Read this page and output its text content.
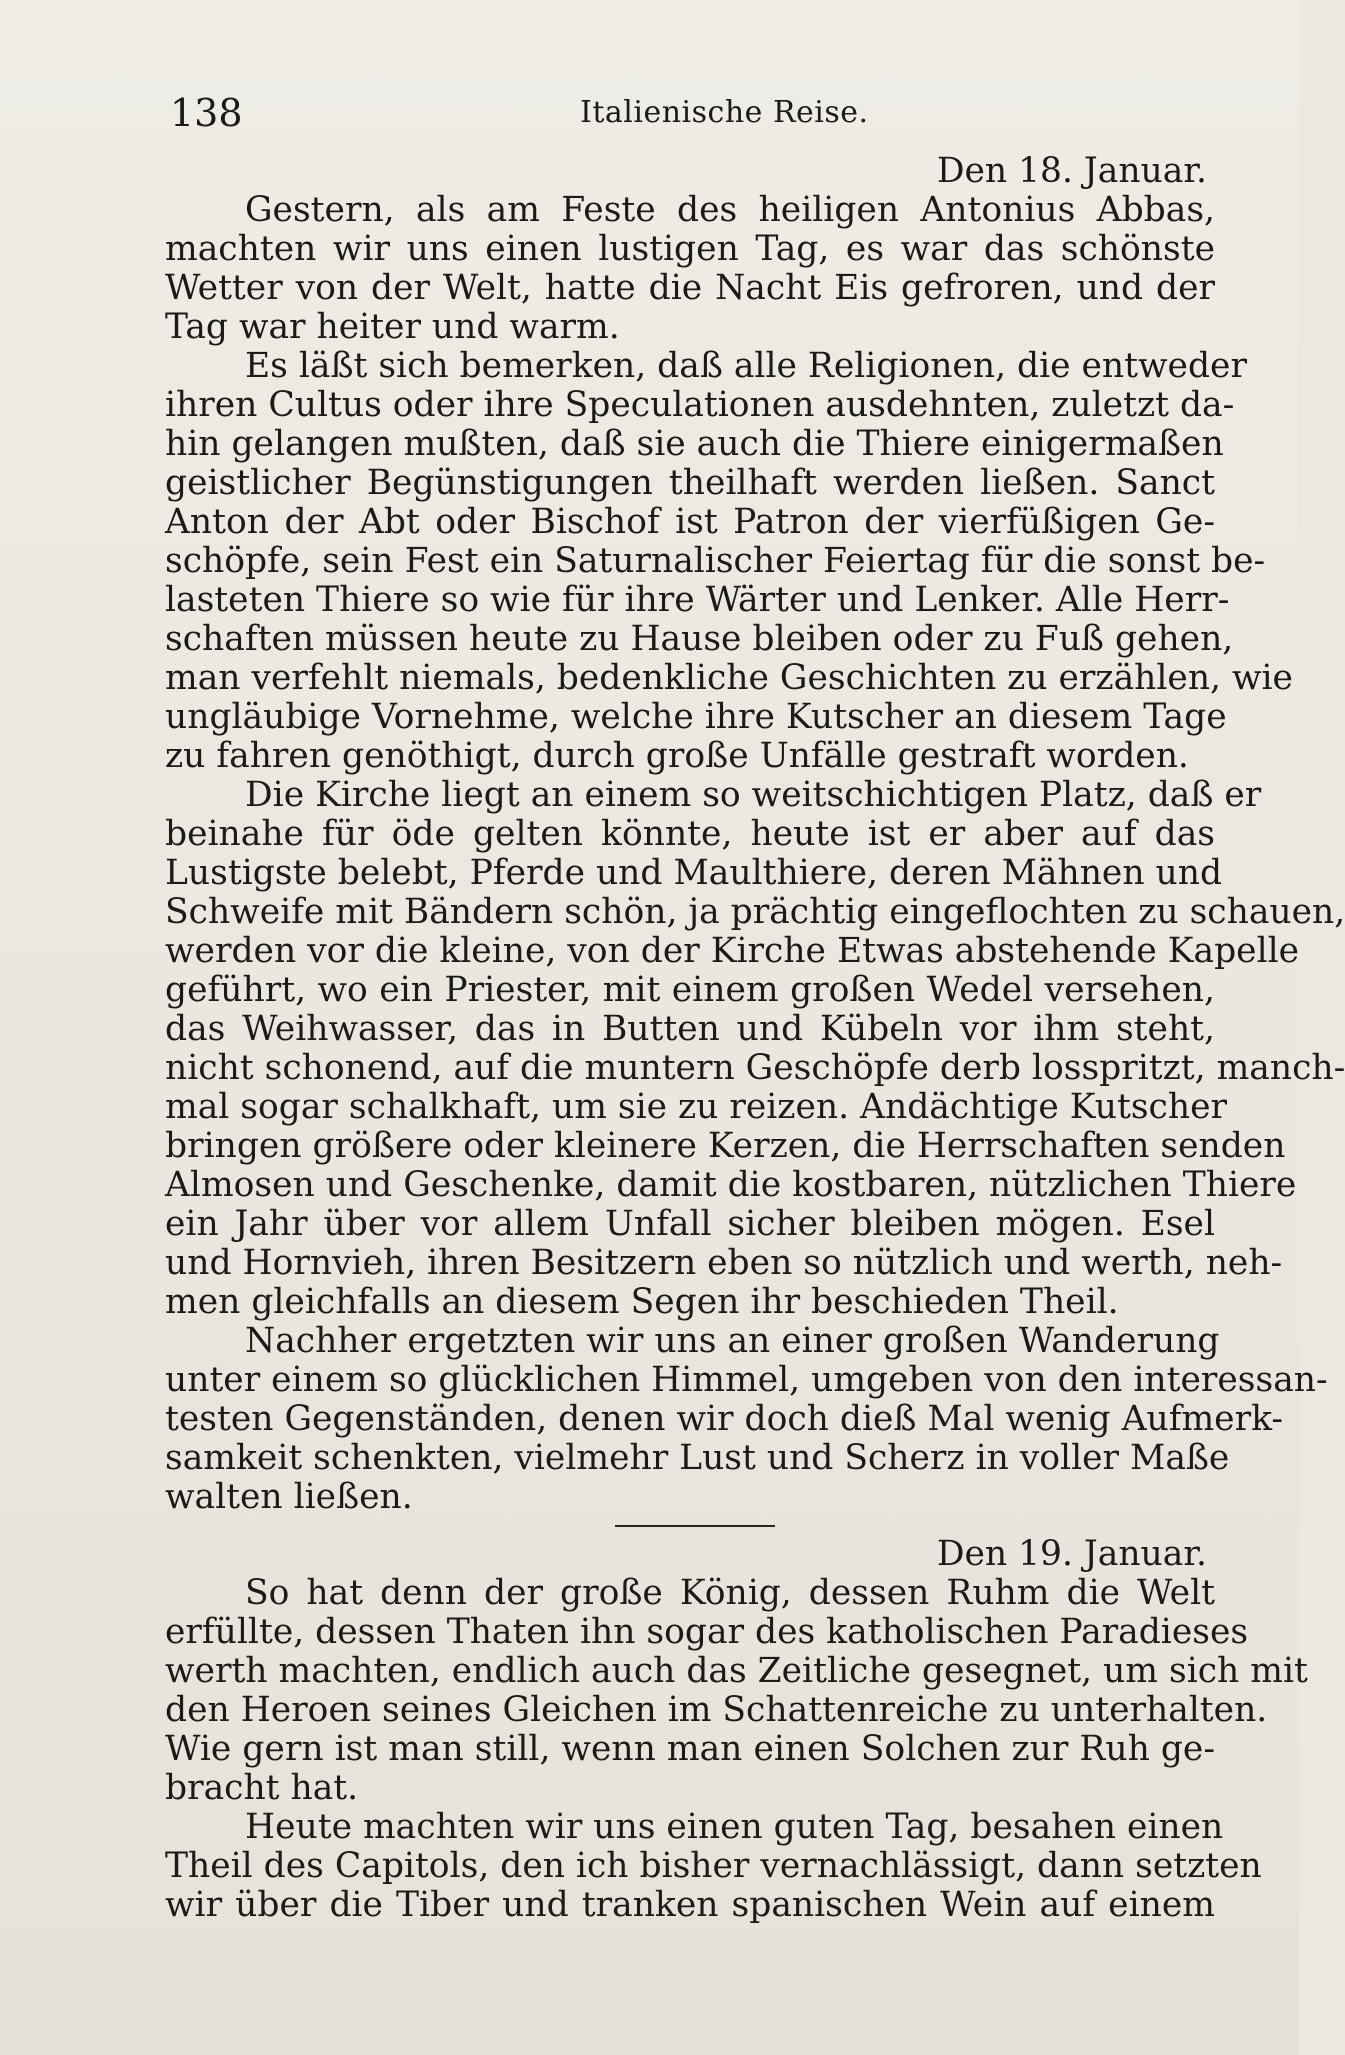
138	Italienische Reise.
Den 18. Januar.
Gestern, als am Feste des heiligen Antonius Abbas,
machten wir uns einen lustigen Tag, es war das schönste
Wetter von der Welt, hatte die Nacht Eis gefroren, und der
Tag war heiter und warm.
Es läßt sich bemerken, daß alle Religionen, die entweder
ihren Cultus oder ihre Speculationen ausdehnten, zuletzt da-
hin gelangen mußten, daß sie auch die Thiere einigermaßen
geistlicher Begünstigungen theilhaft werden ließen. Sanct
Anton der Abt oder Bischof ist Patron der vierfüßigen Ge-
schöpfe, sein Fest ein Saturnalischer Feiertag für die sonst be-
lasteten Thiere so wie für ihre Wärter und Lenker. Alle Herr-
schaften müssen heute zu Hause bleiben oder zu Fuß gehen,
man verfehlt niemals, bedenkliche Geschichten zu erzählen, wie
ungläubige Vornehme, welche ihre Kutscher an diesem Tage
zu fahren genöthigt, durch große Unfälle gestraft worden.
Die Kirche liegt an einem so weitschichtigen Platz, daß er
beinahe für öde gelten könnte, heute ist er aber auf das
Lustigste belebt, Pferde und Maulthiere, deren Mähnen und
Schweife mit Bändern schön, ja prächtig eingeflochten zu schauen,
werden vor die kleine, von der Kirche Etwas abstehende Kapelle
geführt, wo ein Priester, mit einem großen Wedel versehen,
das Weihwasser, das in Butten und Kübeln vor ihm steht,
nicht schonend, auf die muntern Geschöpfe derb losspritzt, manch-
mal sogar schalkhaft, um sie zu reizen. Andächtige Kutscher
bringen größere oder kleinere Kerzen, die Herrschaften senden
Almosen und Geschenke, damit die kostbaren, nützlichen Thiere
ein Jahr über vor allem Unfall sicher bleiben mögen. Esel
und Hornvieh, ihren Besitzern eben so nützlich und werth, neh-
men gleichfalls an diesem Segen ihr beschieden Theil.
Nachher ergetzten wir uns an einer großen Wanderung
unter einem so glücklichen Himmel, umgeben von den interessan-
testen Gegenständen, denen wir doch dieß Mal wenig Aufmerk-
samkeit schenkten, vielmehr Lust und Scherz in voller Maße
walten ließen.
Den 19. Januar.
So hat denn der große König, dessen Ruhm die Welt
erfüllte, dessen Thaten ihn sogar des katholischen Paradieses
werth machten, endlich auch das Zeitliche gesegnet, um sich mit
den Heroen seines Gleichen im Schattenreiche zu unterhalten.
Wie gern ist man still, wenn man einen Solchen zur Ruh ge-
bracht hat.
Heute machten wir uns einen guten Tag, besahen einen
Theil des Capitols, den ich bisher vernachlässigt, dann setzten
wir über die Tiber und tranken spanischen Wein auf einem
